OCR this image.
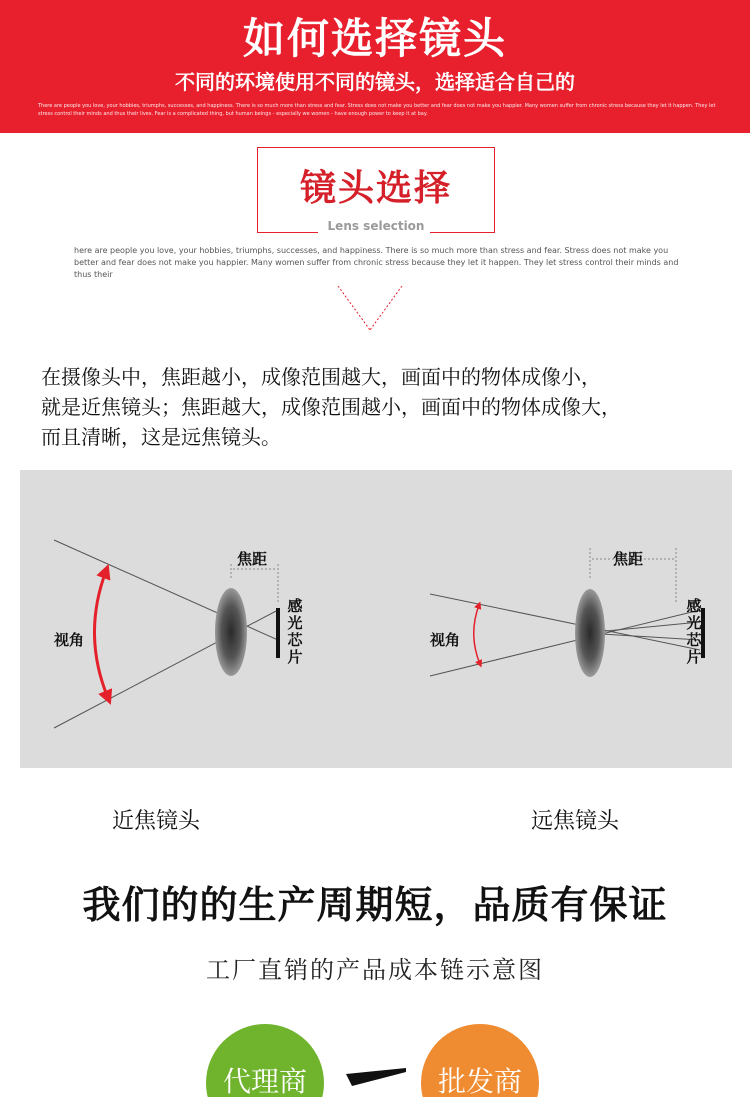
如何选择镜头
不同的环境使用不同的镜头，选择适合自己的
There are people you love, your hobbies, triumphs, successes, and happiness. There is so much more than stress and fear. Stress does not make you better and fear does not make you happier. Many women suffer from chronic stress because they let it happen. They let stress control their minds and thus their lives. Fear is a complicated thing, but human beings - especially we women - have enough power to keep it at bay.
镜头选择
Lens selection
here are people you love, your hobbies, triumphs, successes, and happiness. There is so much more than stress and fear. Stress does not make you better and fear does not make you happier. Many women suffer from chronic stress because they let it happen. They let stress control their minds and thus their
在摄像头中，焦距越小，成像范围越大，画面中的物体成像小，
就是近焦镜头；焦距越大，成像范围越小，画面中的物体成像大，
而且清晰，这是远焦镜头。
视角
焦距
感
光
芯
片
视角
焦距
感
光
芯
片
近焦镜头	远焦镜头
我们的的生产周期短，品质有保证
工厂直销的产品成本链示意图
代理商	批发商
